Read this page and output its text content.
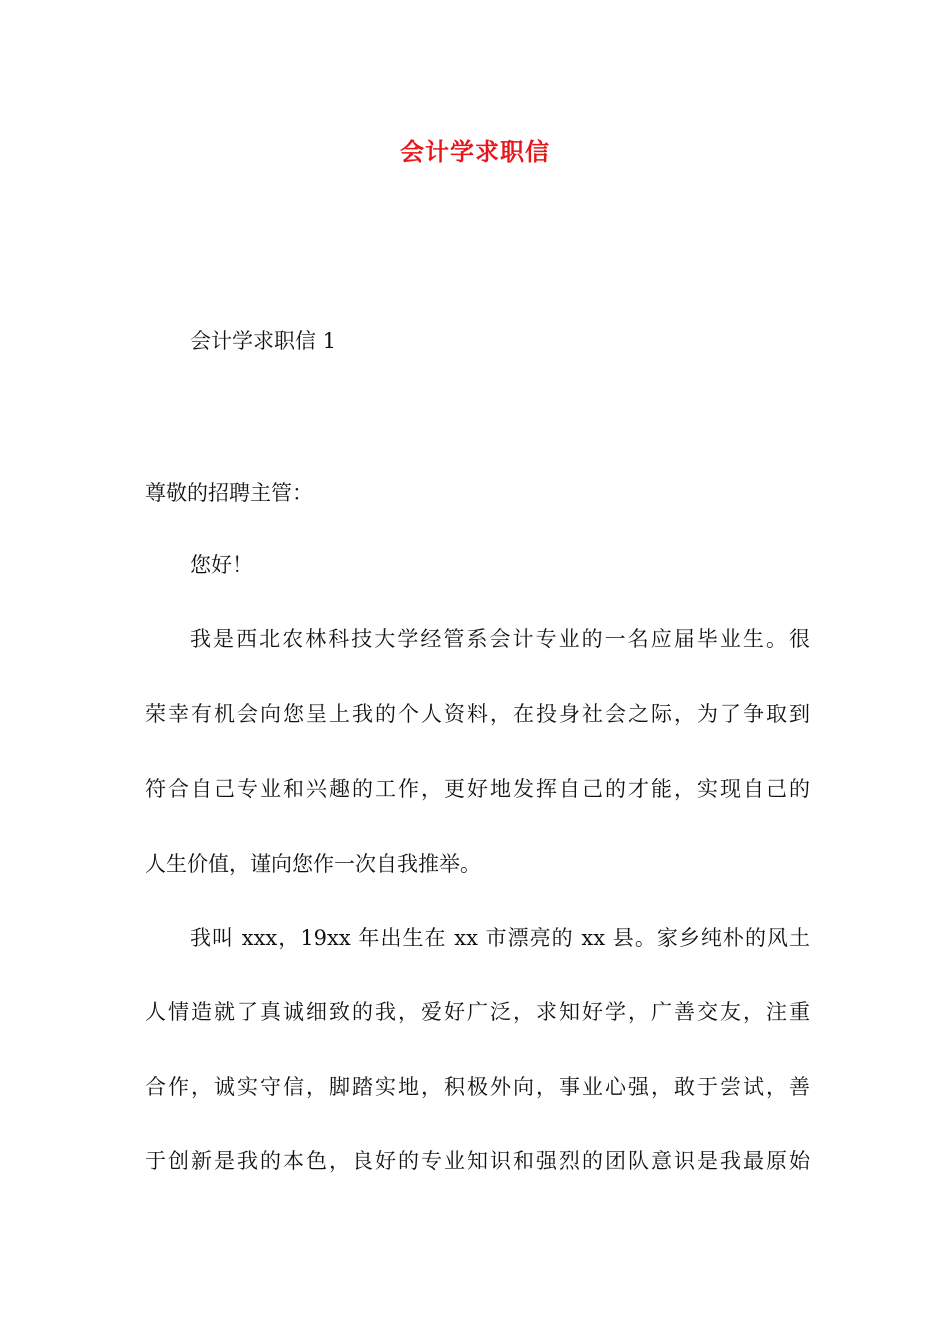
会计学求职信
会计学求职信 1
尊敬的招聘主管：
您好！
我是西北农林科技大学经管系会计专业的一名应届毕业生。很
荣幸有机会向您呈上我的个人资料，在投身社会之际，为了争取到
符合自己专业和兴趣的工作，更好地发挥自己的才能，实现自己的
人生价值，谨向您作一次自我推举。
我叫 xxx，19xx 年出生在 xx 市漂亮的 xx 县。家乡纯朴的风土
人情造就了真诚细致的我，爱好广泛，求知好学，广善交友，注重
合作，诚实守信，脚踏实地，积极外向，事业心强，敢于尝试，善
于创新是我的本色，良好的专业知识和强烈的团队意识是我最原始
